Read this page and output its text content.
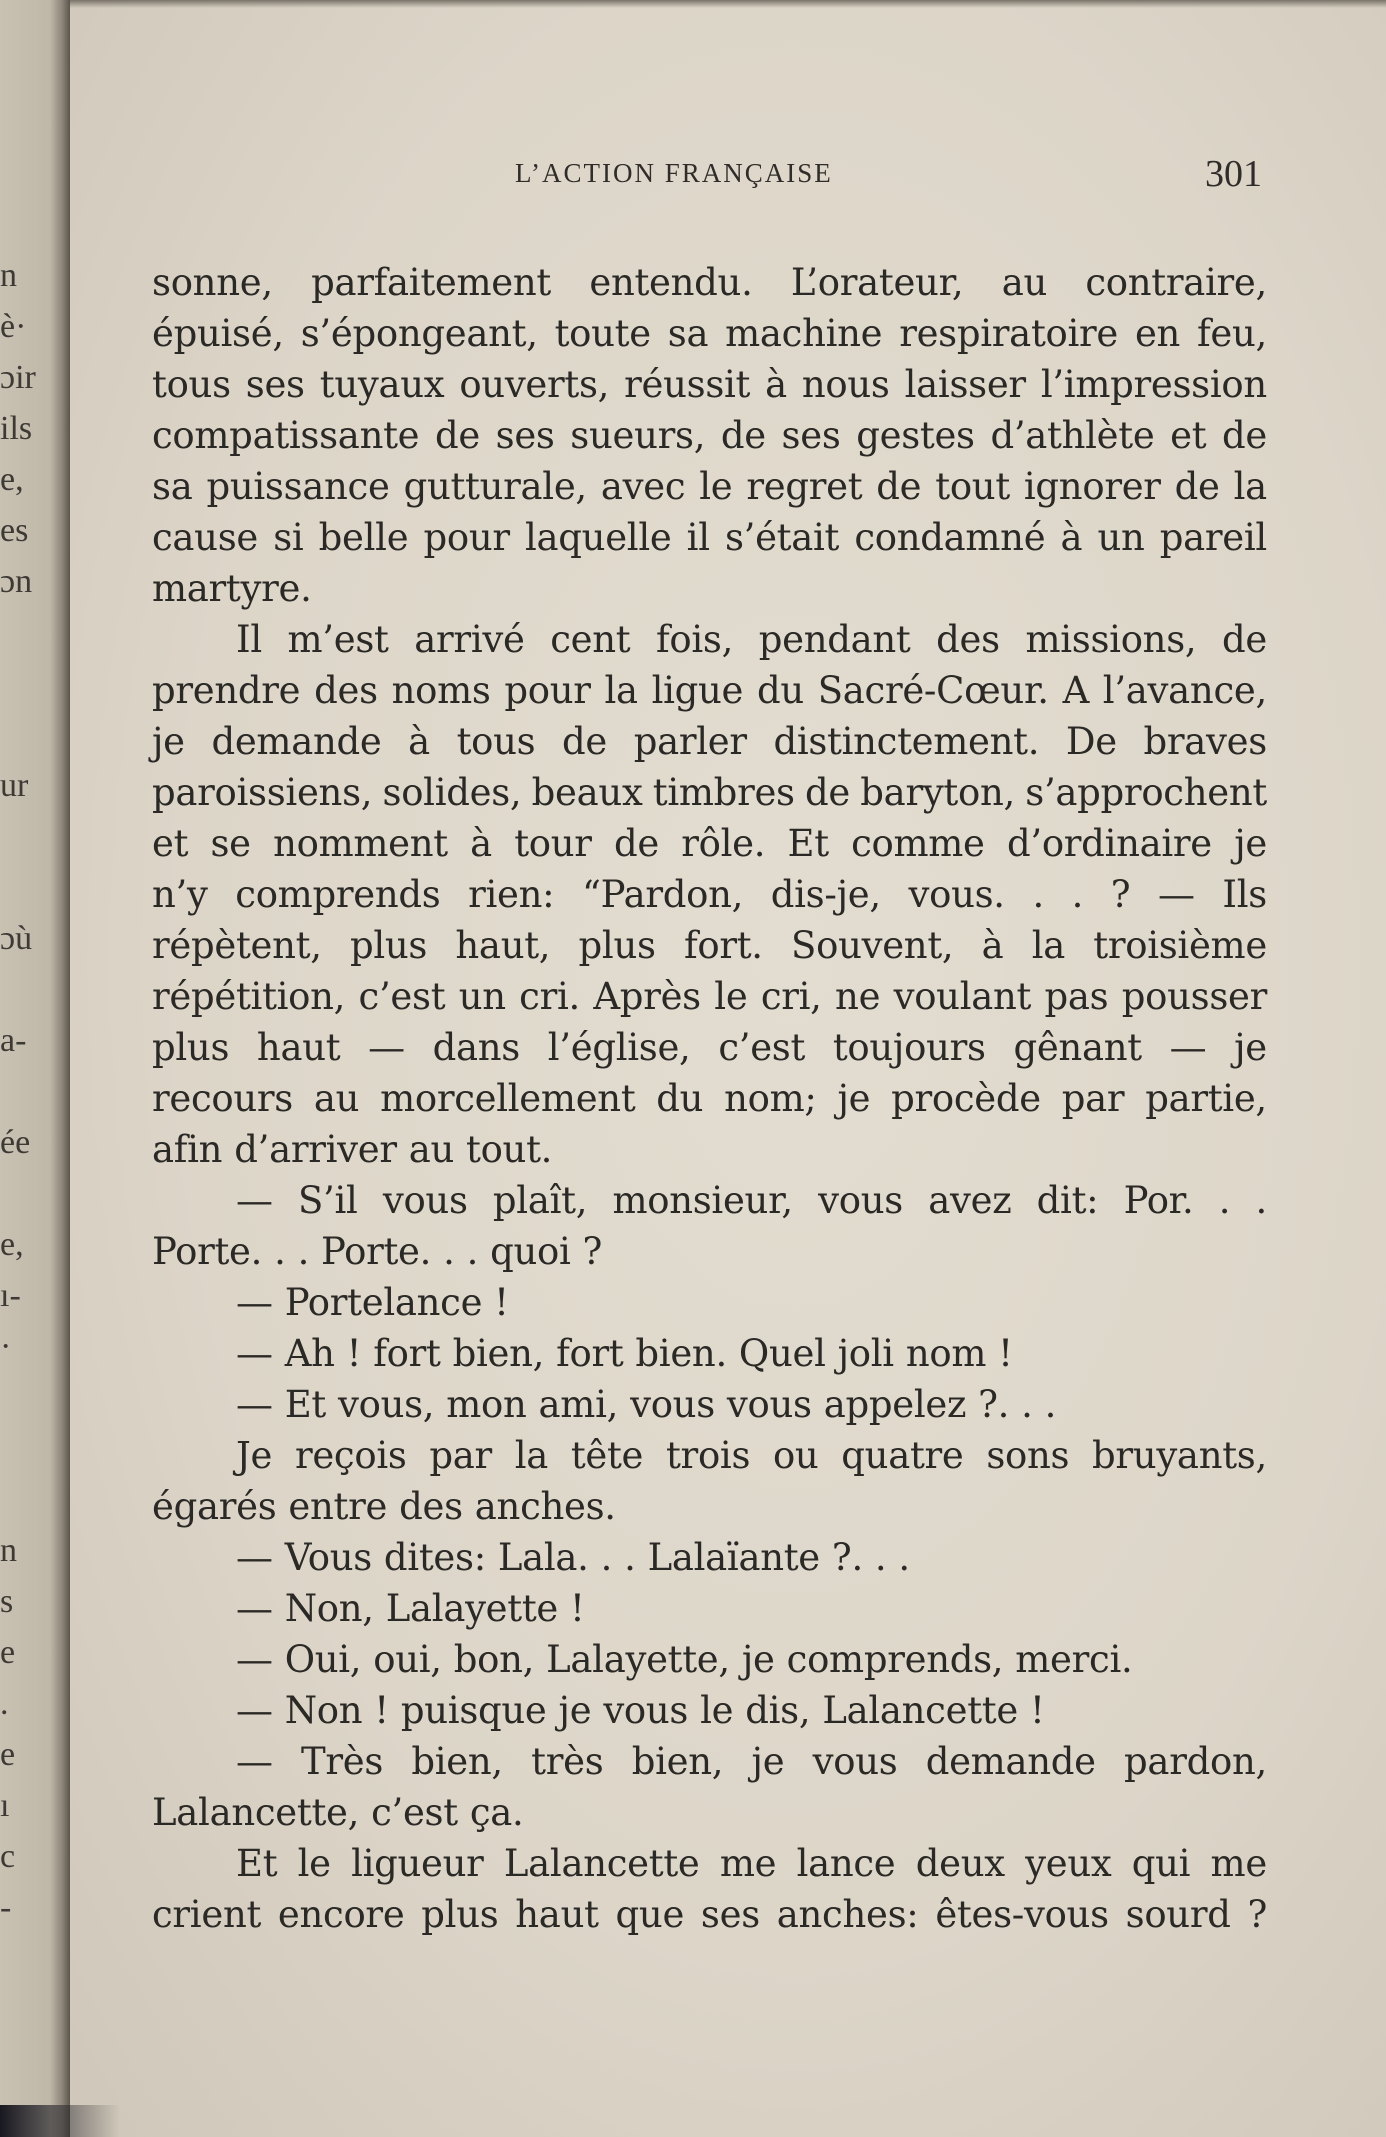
n
è·
ɔir
ils
e,
es
ɔn
ur
ɔù
a-
ée
e,
ı-
·
n
s
e
.
e
ı
c
-
L’ACTION FRANÇAISE	301
sonne, parfaitement entendu. L’orateur, au contraire,
épuisé, s’épongeant, toute sa machine respiratoire en feu,
tous ses tuyaux ouverts, réussit à nous laisser l’impression
compatissante de ses sueurs, de ses gestes d’athlète et de
sa puissance gutturale, avec le regret de tout ignorer de la
cause si belle pour laquelle il s’était condamné à un pareil
martyre.
Il m’est arrivé cent fois, pendant des missions, de
prendre des noms pour la ligue du Sacré-Cœur. A l’avance,
je demande à tous de parler distinctement. De braves
paroissiens, solides, beaux timbres de baryton, s’approchent
et se nomment à tour de rôle. Et comme d’ordinaire je
n’y comprends rien: “Pardon, dis-je, vous. . . ? — Ils
répètent, plus haut, plus fort. Souvent, à la troisième
répétition, c’est un cri. Après le cri, ne voulant pas pousser
plus haut — dans l’église, c’est toujours gênant — je
recours au morcellement du nom; je procède par partie,
afin d’arriver au tout.
— S’il vous plaît, monsieur, vous avez dit: Por. . .
Porte. . . Porte. . . quoi ?
— Portelance !
— Ah ! fort bien, fort bien. Quel joli nom !
— Et vous, mon ami, vous vous appelez ?. . .
Je reçois par la tête trois ou quatre sons bruyants,
égarés entre des anches.
— Vous dites: Lala. . . Lalaïante ?. . .
— Non, Lalayette !
— Oui, oui, bon, Lalayette, je comprends, merci.
— Non ! puisque je vous le dis, Lalancette !
— Très bien, très bien, je vous demande pardon,
Lalancette, c’est ça.
Et le ligueur Lalancette me lance deux yeux qui me
crient encore plus haut que ses anches: êtes-vous sourd ?
